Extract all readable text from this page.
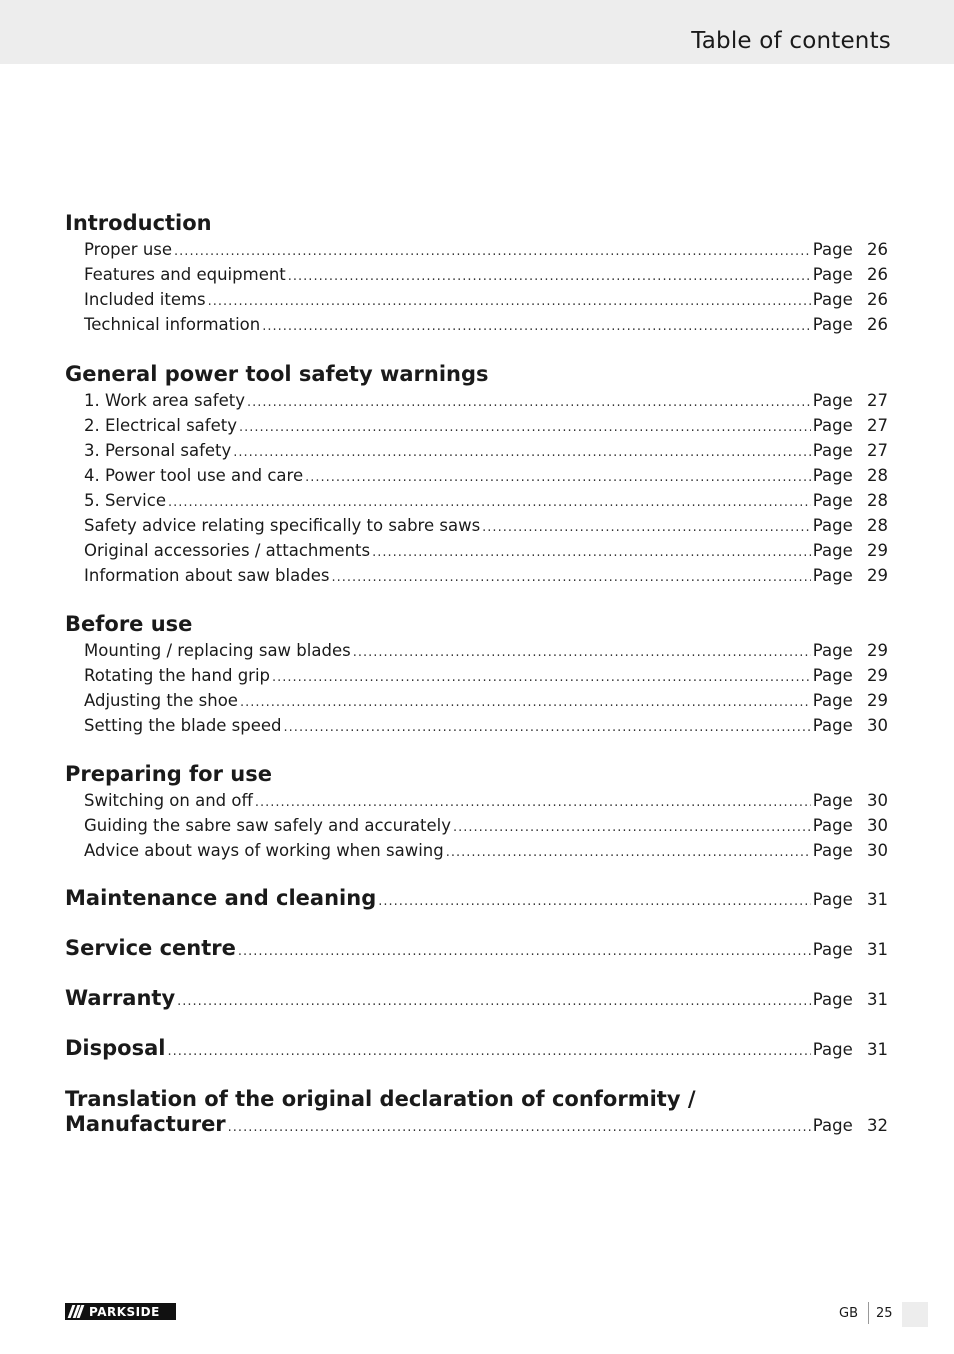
Table of contents
Introduction
Proper use .....	Page 26
Features and equipment .....	Page 26
Included items .....	Page 26
Technical information .....	Page 26
General power tool safety warnings
1. Work area safety .....	Page 27
2. Electrical safety .....	Page 27
3. Personal safety .....	Page 27
4. Power tool use and care .....	Page 28
5. Service .....	Page 28
Safety advice relating specifically to sabre saws .....	Page 28
Original accessories / attachments .....	Page 29
Information about saw blades .....	Page 29
Before use
Mounting / replacing saw blades .....	Page 29
Rotating the hand grip .....	Page 29
Adjusting the shoe .....	Page 29
Setting the blade speed .....	Page 30
Preparing for use
Switching on and off .....	Page 30
Guiding the sabre saw safely and accurately .....	Page 30
Advice about ways of working when sawing .....	Page 30
Maintenance and cleaning .....	Page 31
Service centre .....	Page 31
Warranty .....	Page 31
Disposal .....	Page 31
Translation of the original declaration of conformity /
Manufacturer .....	Page 32
PARKSIDE	GB 25
